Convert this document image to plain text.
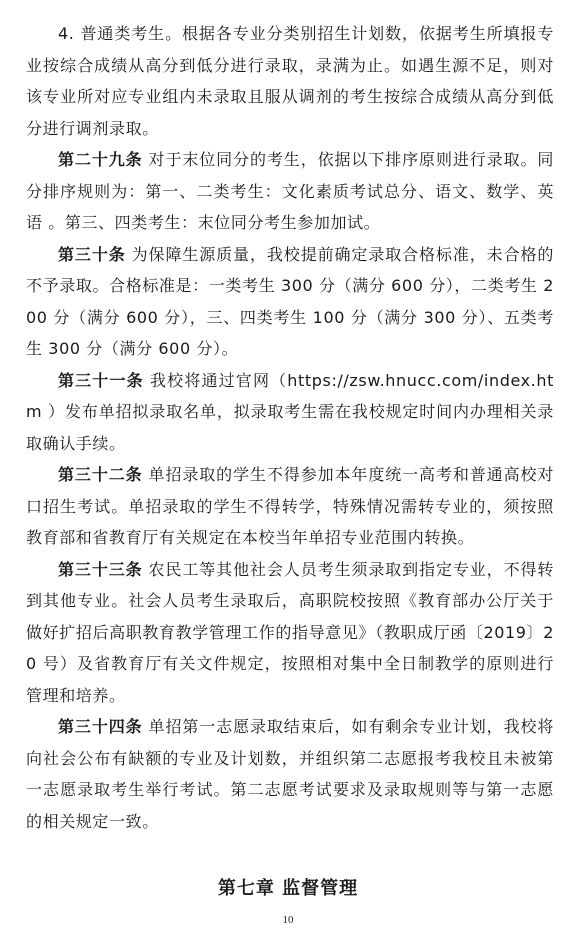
4. 普通类考生。根据各专业分类别招生计划数，依据考生所填报专业按综合成绩从高分到低分进行录取，录满为止。如遇生源不足，则对该专业所对应专业组内未录取且服从调剂的考生按综合成绩从高分到低分进行调剂录取。

第二十九条 对于末位同分的考生，依据以下排序原则进行录取。同分排序规则为：第一、二类考生：文化素质考试总分、语文、数学、英语 。第三、四类考生：末位同分考生参加加试。

第三十条 为保障生源质量，我校提前确定录取合格标准，未合格的不予录取。合格标准是：一类考生 300 分（满分 600 分），二类考生 200 分（满分 600 分），三、四类考生 100 分（满分 300 分）、五类考生 300 分（满分 600 分）。

第三十一条 我校将通过官网（https://zsw.hnucc.com/index.htm ）发布单招拟录取名单，拟录取考生需在我校规定时间内办理相关录取确认手续。

第三十二条 单招录取的学生不得参加本年度统一高考和普通高校对口招生考试。单招录取的学生不得转学，特殊情况需转专业的，须按照教育部和省教育厅有关规定在本校当年单招专业范围内转换。

第三十三条 农民工等其他社会人员考生须录取到指定专业，不得转到其他专业。社会人员考生录取后，高职院校按照《教育部办公厅关于做好扩招后高职教育教学管理工作的指导意见》（教职成厅函〔2019〕20 号）及省教育厅有关文件规定，按照相对集中全日制教学的原则进行管理和培养。

第三十四条 单招第一志愿录取结束后，如有剩余专业计划，我校将向社会公布有缺额的专业及计划数，并组织第二志愿报考我校且未被第一志愿录取考生举行考试。第二志愿考试要求及录取规则等与第一志愿的相关规定一致。

第七章 监督管理
10
